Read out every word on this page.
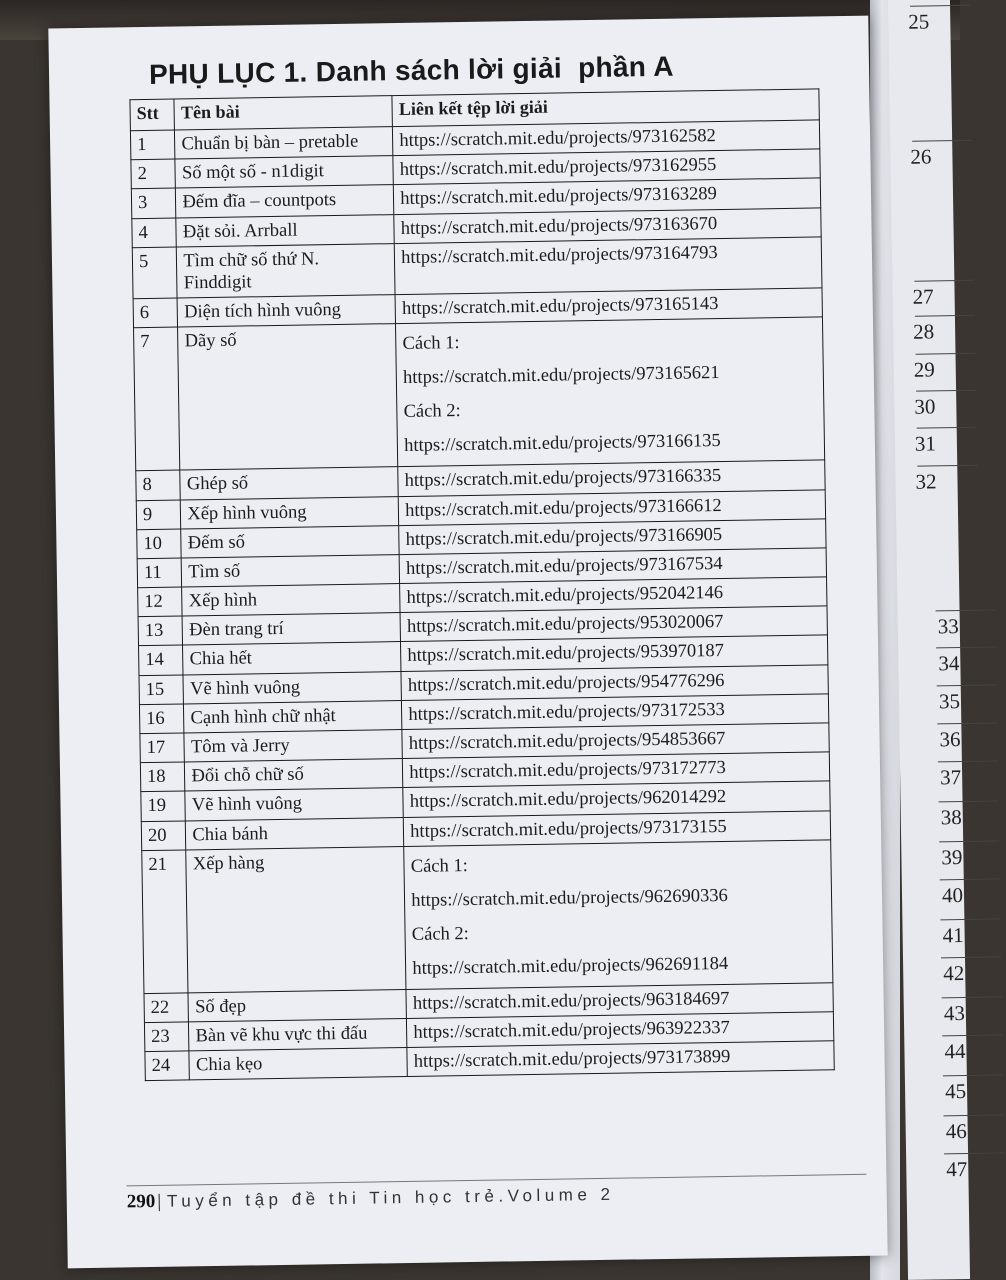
25
26
27
28
29
30
31
32
33
34
35
36
37
38
39
40
41
42
43
44
45
46
47
PHỤ LỤC 1. Danh sách lời giải  phần A
Stt	Tên bài	Liên kết tệp lời giải
1	Chuẩn bị bàn – pretable	https://scratch.mit.edu/projects/973162582
2	Số một số - n1digit	https://scratch.mit.edu/projects/973162955
3	Đếm đĩa – countpots	https://scratch.mit.edu/projects/973163289
4	Đặt sỏi. Arrball	https://scratch.mit.edu/projects/973163670
5	Tìm chữ số thứ N. Finddigit	https://scratch.mit.edu/projects/973164793
6	Diện tích hình vuông	https://scratch.mit.edu/projects/973165143
7	Dãy số	Cách 1:
https://scratch.mit.edu/projects/973165621
Cách 2:
https://scratch.mit.edu/projects/973166135

8	Ghép số	https://scratch.mit.edu/projects/973166335
9	Xếp hình vuông	https://scratch.mit.edu/projects/973166612
10	Đếm số	https://scratch.mit.edu/projects/973166905
11	Tìm số	https://scratch.mit.edu/projects/973167534
12	Xếp hình	https://scratch.mit.edu/projects/952042146
13	Đèn trang trí	https://scratch.mit.edu/projects/953020067
14	Chia hết	https://scratch.mit.edu/projects/953970187
15	Vẽ hình vuông	https://scratch.mit.edu/projects/954776296
16	Cạnh hình chữ nhật	https://scratch.mit.edu/projects/973172533
17	Tôm và Jerry	https://scratch.mit.edu/projects/954853667
18	Đổi chỗ chữ số	https://scratch.mit.edu/projects/973172773
19	Vẽ hình vuông	https://scratch.mit.edu/projects/962014292
20	Chia bánh	https://scratch.mit.edu/projects/973173155
21	Xếp hàng	Cách 1:
https://scratch.mit.edu/projects/962690336
Cách 2:
https://scratch.mit.edu/projects/962691184

22	Số đẹp	https://scratch.mit.edu/projects/963184697
23	Bàn vẽ khu vực thi đấu	https://scratch.mit.edu/projects/963922337
24	Chia kẹo	https://scratch.mit.edu/projects/973173899
290| Tuyển tập đề thi Tin học trẻ.Volume 2
